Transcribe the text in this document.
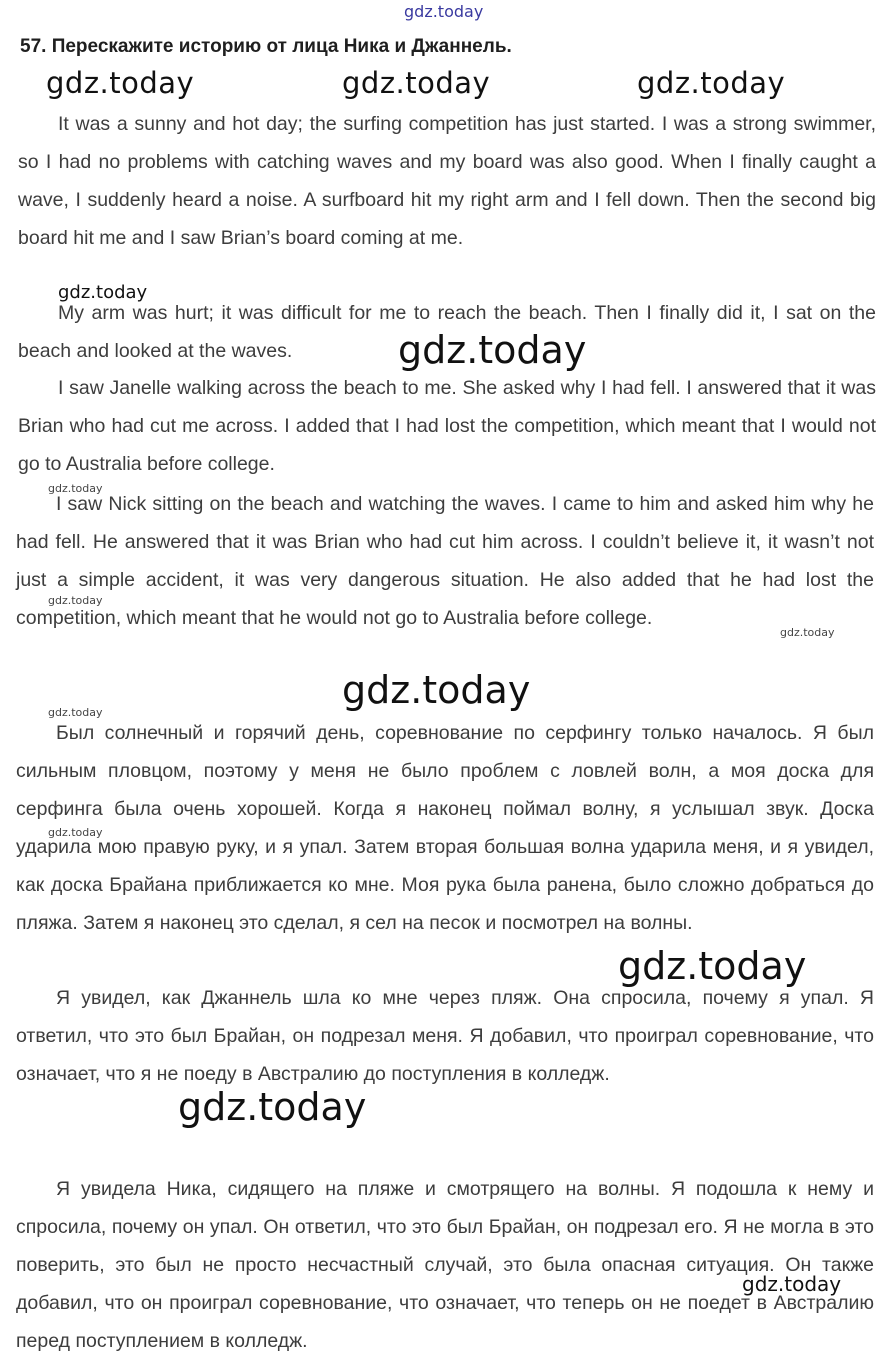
gdz.today
57. Перескажите историю от лица Ника и Джаннель.
gdz.today	gdz.today	gdz.today

It was a sunny and hot day; the surfing competition has just started. I was a strong swimmer, so I had no problems with catching waves and my board was also good. When I finally caught a wave, I suddenly heard a noise. A surfboard hit my right arm and I fell down. Then the second big board hit me and I saw Brian’s board coming at me.

gdz.today

My arm was hurt; it was difficult for me to reach the beach. Then I finally did it, I sat on the beach and looked at the waves.	gdz.today

I saw Janelle walking across the beach to me. She asked why I had fell. I answered that it was Brian who had cut me across. I added that I had lost the competition, which meant that I would not go to Australia before college.

gdz.today

I saw Nick sitting on the beach and watching the waves. I came to him and asked him why he had fell. He answered that it was Brian who had cut him across. I couldn’t believe it, it wasn’t not just a simple accident, it was very dangerous situation. He also added that he had lost the competition, which meant that he would not go to Australia before college.

gdz.today
gdz.today
gdz.today
gdz.today

Был солнечный и горячий день, соревнование по серфингу только началось. Я был сильным пловцом, поэтому у меня не было проблем с ловлей волн, а моя доска для серфинга была очень хорошей. Когда я наконец поймал волну, я услышал звук. Доска ударила мою правую руку, и я упал. Затем вторая большая волна ударила меня, и я увидел, как доска Брайана приближается ко мне. Моя рука была ранена, было сложно добраться до пляжа. Затем я наконец это сделал, я сел на песок и посмотрел на волны.

gdz.today
gdz.today

Я увидел, как Джаннель шла ко мне через пляж. Она спросила, почему я упал. Я ответил, что это был Брайан, он подрезал меня. Я добавил, что проиграл соревнование, что означает, что я не поеду в Австралию до поступления в колледж.

gdz.today

Я увидела Ника, сидящего на пляже и смотрящего на волны. Я подошла к нему и спросила, почему он упал. Он ответил, что это был Брайан, он подрезал его. Я не могла в это поверить, это был не просто несчастный случай, это была опасная ситуация. Он также добавил, что он проиграл соревнование, что означает, что теперь он не поедет в Австралию перед поступлением в колледж.

gdz.today
